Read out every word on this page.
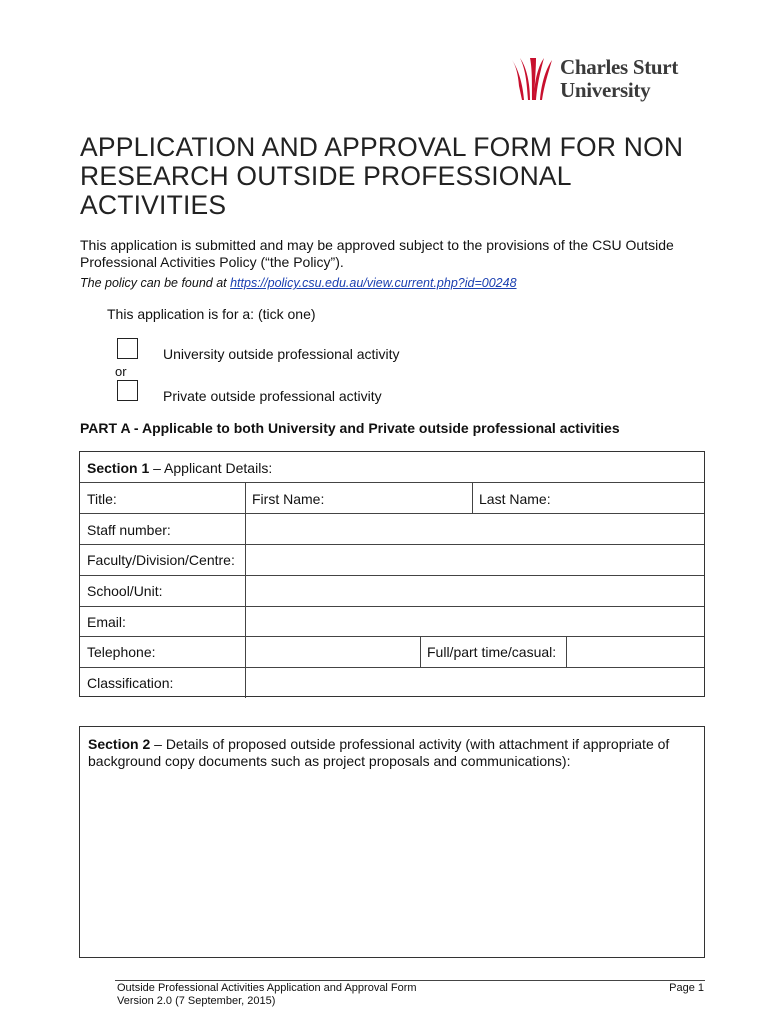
Charles Sturt
University
APPLICATION AND APPROVAL FORM FOR NON RESEARCH OUTSIDE PROFESSIONAL ACTIVITIES
This application is submitted and may be approved subject to the provisions of the CSU Outside Professional Activities Policy (“the Policy”).
The policy can be found at https://policy.csu.edu.au/view.current.php?id=00248
This application is for a: (tick one)
University outside professional activity
or
Private outside professional activity
PART A - Applicable to both University and Private outside professional activities
Section 1 – Applicant Details:
Title:	First Name:	Last Name:
Staff number:
Faculty/Division/Centre:
School/Unit:
Email:
Telephone:	Full/part time/casual:
Classification:
Section 2 – Details of proposed outside professional activity (with attachment if appropriate of background copy documents such as project proposals and communications):
Outside Professional Activities Application and Approval Form
Version 2.0 (7 September, 2015)
Page 1
